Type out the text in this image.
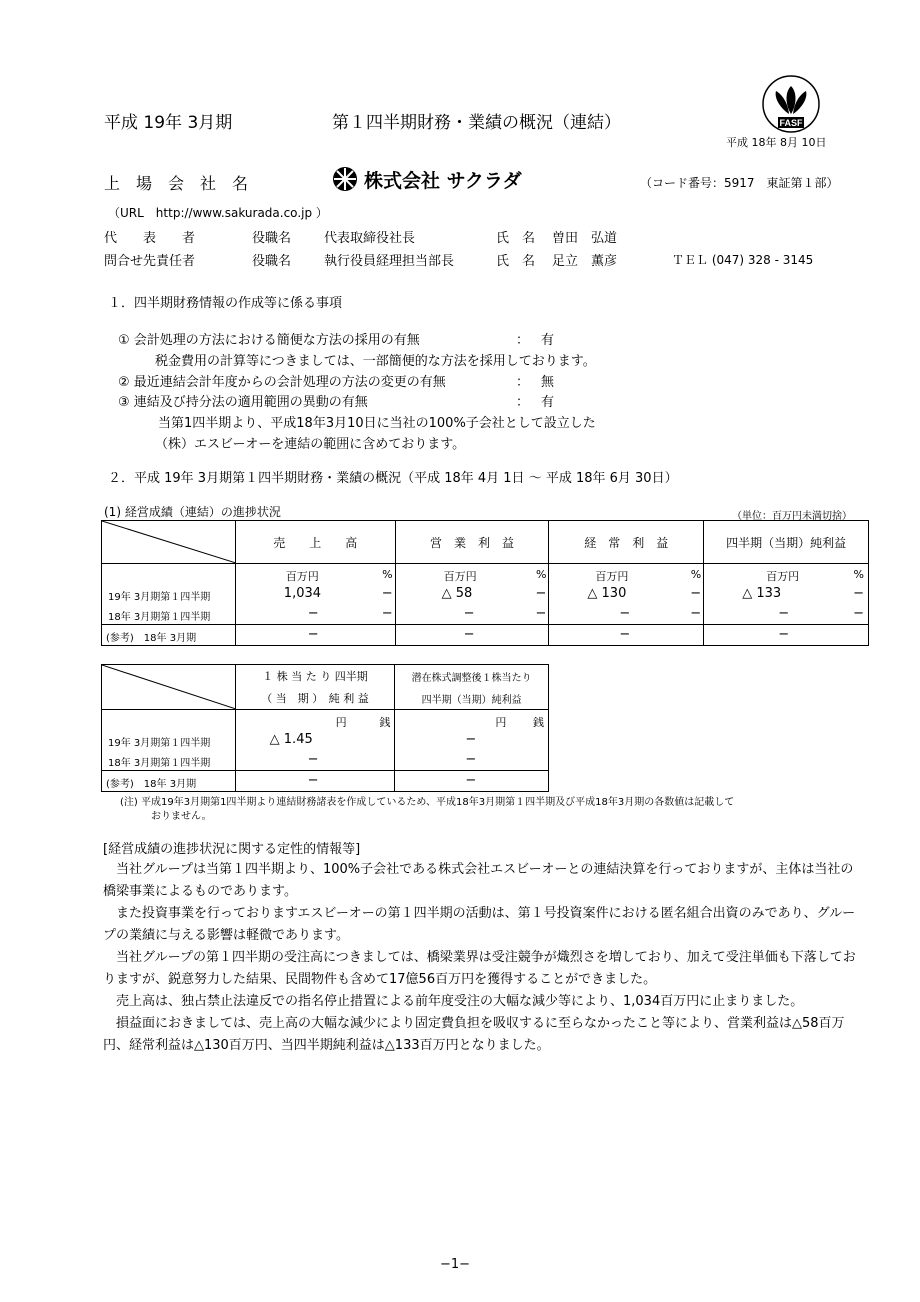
平成 19年 3月期	第１四半期財務・業績の概況（連結）	FASF
平成 18年 8月 10日
上　場　会　社　名	株式会社 サクラダ	（コード番号：5917　東証第１部）
（URL　http://www.sakurada.co.jp ）
代　　表　　者	役職名	代表取締役社長	氏　名 曽田　弘道
問合せ先責任者	役職名	執行役員経理担当部長	氏　名 足立　薫彦	ＴＥＬ (047) 328 - 3145
１．四半期財務情報の作成等に係る事項
① 会計処理の方法における簡便な方法の採用の有無	： 有
税金費用の計算等につきましては、一部簡便的な方法を採用しております。
② 最近連結会計年度からの会計処理の方法の変更の有無	： 無
③ 連結及び持分法の適用範囲の異動の有無	： 有
当第1四半期より、平成18年3月10日に当社の100%子会社として設立した
（株）エスビーオーを連結の範囲に含めております。
２．平成 19年 3月期第１四半期財務・業績の概況（平成 18年 4月 1日 ～ 平成 18年 6月 30日）
(1) 経営成績（連結）の進捗状況	（単位：百万円未満切捨）
	売　　上　　高	営　業　利　益	経　常　利　益	四半期（当期）純利益

	百万円 %	百万円 %	百万円 %	百万円 %

19年 3月期第１四半期	1,034 −	△ 58 −	△ 130 −	△ 133 −

18年 3月期第１四半期	− −	− −	− −	− −

(参考)　18年 3月期	−	−	−	−
	１ 株 当 た り 四半期	潜在株式調整後１株当たり
	（ 当　期 ）　純 利 益	四半期（当期）純利益

	円 銭	円 銭

19年 3月期第１四半期	△ 1.45	−

18年 3月期第１四半期	−	−

(参考)　18年 3月期	−	−
(注) 平成19年3月期第1四半期より連結財務諸表を作成しているため、平成18年3月期第１四半期及び平成18年3月期の各数値は記載して
おりません。
[経営成績の進捗状況に関する定性的情報等]
　当社グループは当第１四半期より、100%子会社である株式会社エスビーオーとの連結決算を行っておりますが、主体は当社の橋梁事業によるものであります。
　また投資事業を行っておりますエスビーオーの第１四半期の活動は、第１号投資案件における匿名組合出資のみであり、グループの業績に与える影響は軽微であります。
　当社グループの第１四半期の受注高につきましては、橋梁業界は受注競争が熾烈さを増しており、加えて受注単価も下落しておりますが、鋭意努力した結果、民間物件も含めて17億56百万円を獲得することができました。
　売上高は、独占禁止法違反での指名停止措置による前年度受注の大幅な減少等により、1,034百万円に止まりました。
　損益面におきましては、売上高の大幅な減少により固定費負担を吸収するに至らなかったこと等により、営業利益は△58百万円、経常利益は△130百万円、当四半期純利益は△133百万円となりました。
−1−
